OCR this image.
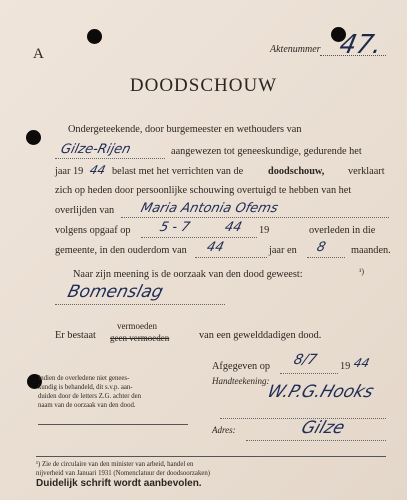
A	Aktenummer 47.
DOODSCHOUW
Ondergeteekende, door burgemeester en wethouders van
Gilze-Rijen	aangewezen tot geneeskundige, gedurende het
jaar 19 44 belast met het verrichten van de doodschouw, verklaart
zich op heden door persoonlijke schouwing overtuigd te hebben van het
overlijden van Maria Antonia Ofems
volgens opgaaf op 5 - 7 44 19	overleden in die
gemeente, in den ouderdom van 44	jaar en 8 maanden.
Naar zijn meening is de oorzaak van den dood geweest:	¹)
Bomenslag
Er bestaat
vermoeden
geen vermoeden	van een gewelddadigen dood.
Afgegeven op 8/7 19 44
Handteekening:
W.P.G.Hooks
Adres:	Gilze
Indien de overledene niet genees-
kundig is behandeld, dit s.v.p. aan-
duiden door de letters Z.G. achter den
naam van de oorzaak van den dood.
¹) Zie de circulaire van den minister van arbeid, handel en
nijverheid van Januari 1931 (Nomenclatuur der doodsoorzaken)
Duidelijk schrift wordt aanbevolen.
